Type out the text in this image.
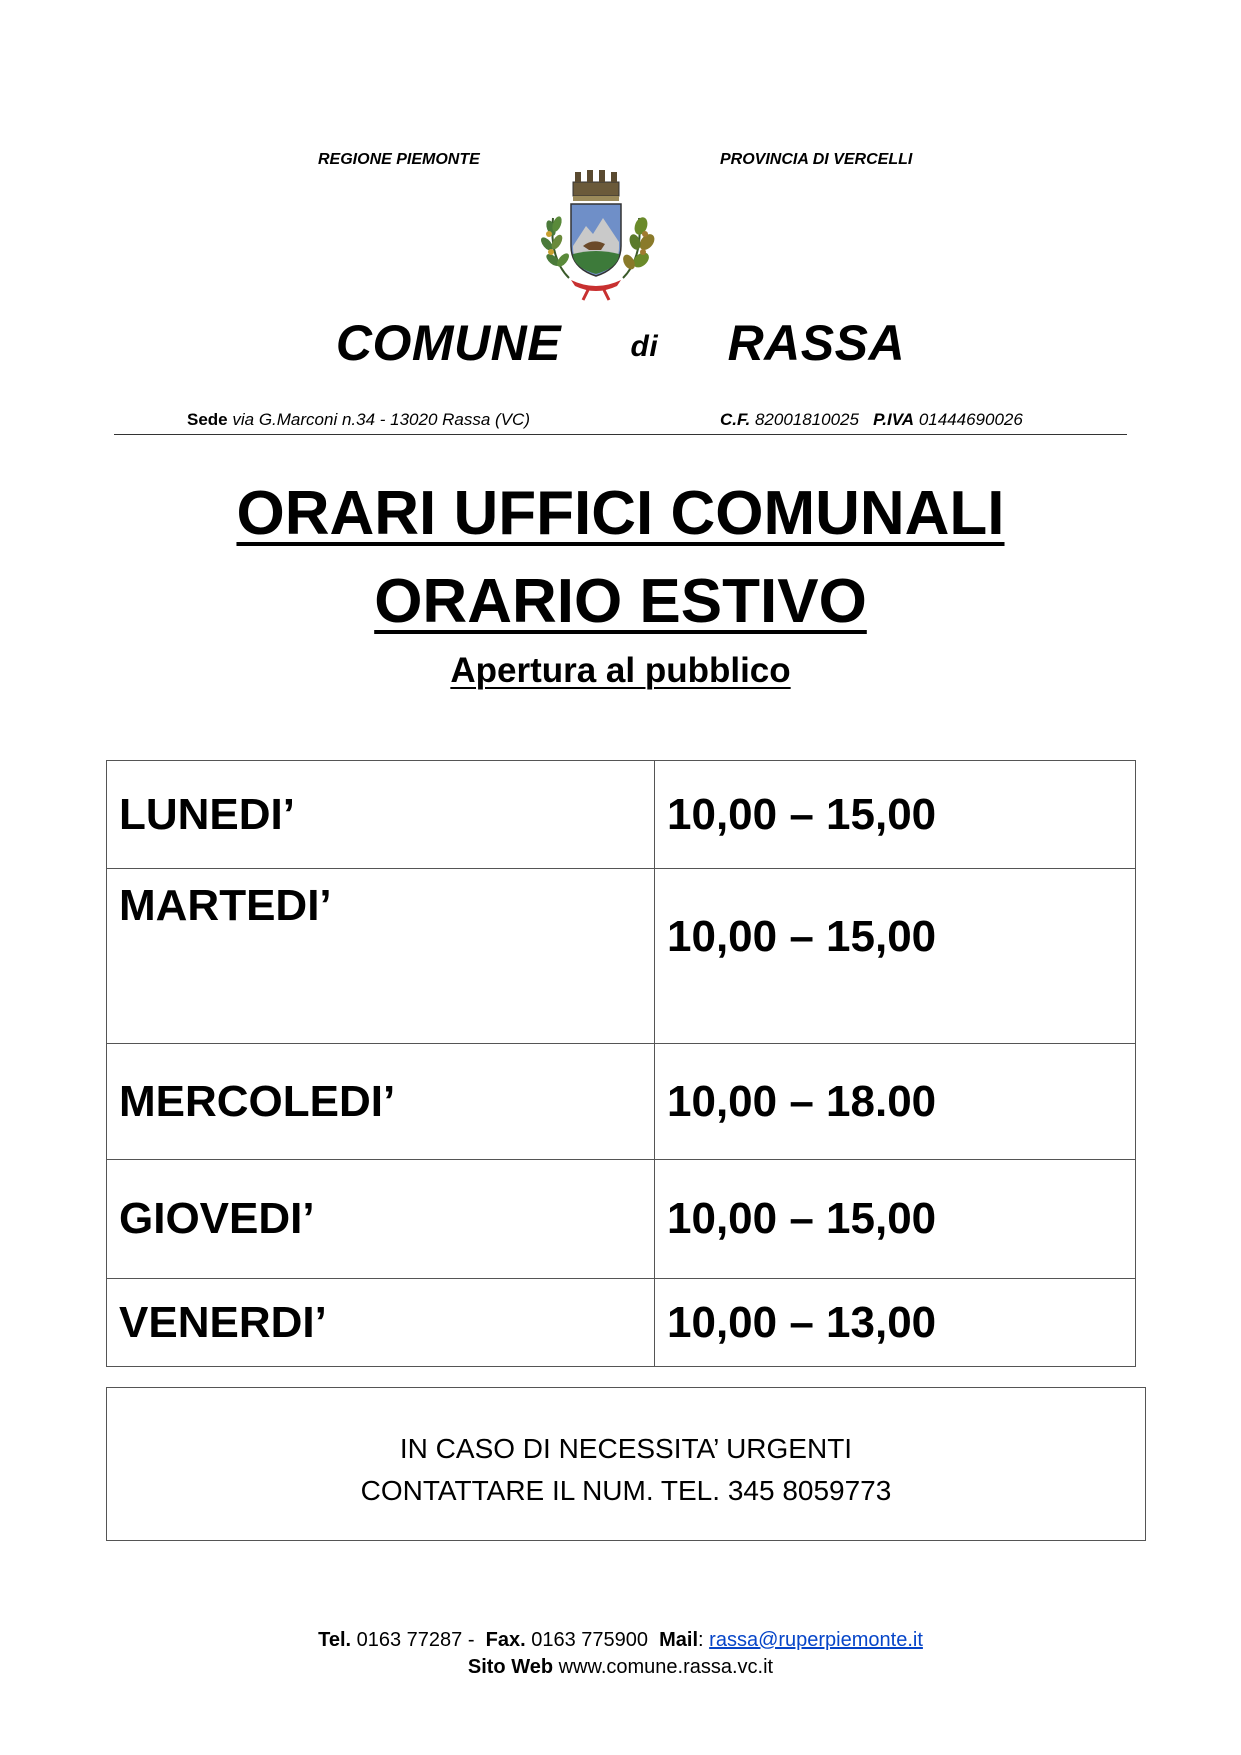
REGIONE PIEMONTE	PROVINCIA DI VERCELLI
COMUNE di RASSA
Sede via G.Marconi n.34 - 13020 Rassa (VC)	C.F. 82001810025 P.IVA 01444690026
ORARI UFFICI COMUNALI
ORARIO ESTIVO
Apertura al pubblico
LUNEDI’	10,00 – 15,00
MARTEDI’	10,00 – 15,00
MERCOLEDI’	10,00 – 18.00
GIOVEDI’	10,00 – 15,00
VENERDI’	10,00 – 13,00
IN CASO DI NECESSITA’ URGENTI
CONTATTARE IL NUM. TEL. 345 8059773
Tel. 0163 77287 -  Fax. 0163 775900  Mail: rassa@ruperpiemonte.it
Sito Web www.comune.rassa.vc.it
